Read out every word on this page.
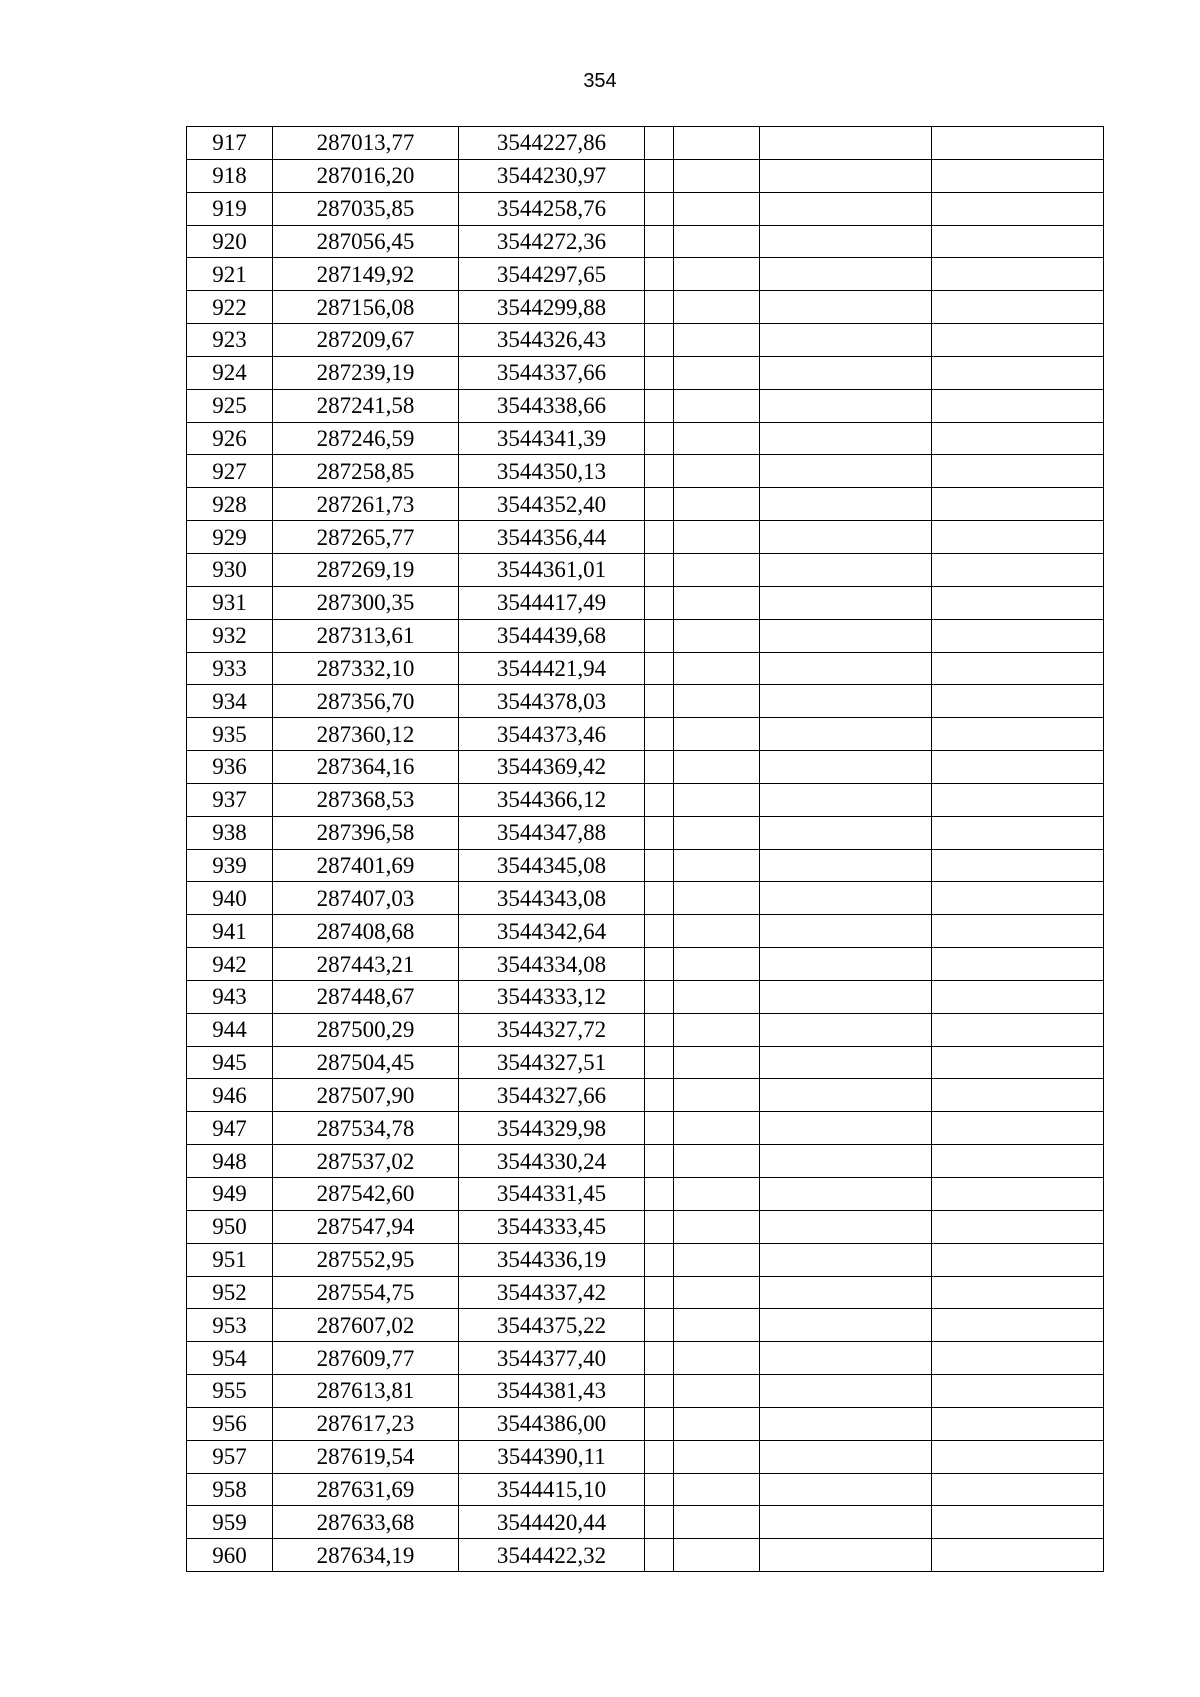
354
917	287013,77	3544227,86				
918	287016,20	3544230,97				
919	287035,85	3544258,76				
920	287056,45	3544272,36				
921	287149,92	3544297,65				
922	287156,08	3544299,88				
923	287209,67	3544326,43				
924	287239,19	3544337,66				
925	287241,58	3544338,66				
926	287246,59	3544341,39				
927	287258,85	3544350,13				
928	287261,73	3544352,40				
929	287265,77	3544356,44				
930	287269,19	3544361,01				
931	287300,35	3544417,49				
932	287313,61	3544439,68				
933	287332,10	3544421,94				
934	287356,70	3544378,03				
935	287360,12	3544373,46				
936	287364,16	3544369,42				
937	287368,53	3544366,12				
938	287396,58	3544347,88				
939	287401,69	3544345,08				
940	287407,03	3544343,08				
941	287408,68	3544342,64				
942	287443,21	3544334,08				
943	287448,67	3544333,12				
944	287500,29	3544327,72				
945	287504,45	3544327,51				
946	287507,90	3544327,66				
947	287534,78	3544329,98				
948	287537,02	3544330,24				
949	287542,60	3544331,45				
950	287547,94	3544333,45				
951	287552,95	3544336,19				
952	287554,75	3544337,42				
953	287607,02	3544375,22				
954	287609,77	3544377,40				
955	287613,81	3544381,43				
956	287617,23	3544386,00				
957	287619,54	3544390,11				
958	287631,69	3544415,10				
959	287633,68	3544420,44				
960	287634,19	3544422,32				
